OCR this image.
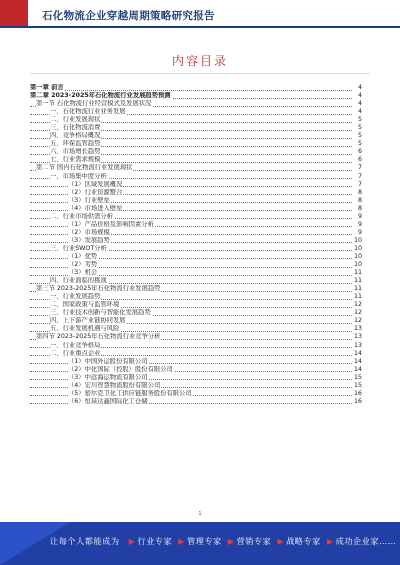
石化物流企业穿越周期策略研究报告
内容目录
第一章 前言	4
第二章 2023-2025年石化物流行业发展趋势预测	4
第一节 石化物流行业经营模式及发展状况	4
一、石化物流行业业务发展	4
二、行业发展现状	5
三、石化物流消费	5
四、竞争格局概况	5
五、环保监管趋势	5
六、市场增长趋势	6
七、行业需求规模	6
第二节 国内石化物流行业发展现状	7
一、市场集中度分析	7
（1）区域发展概况	7
（2）行业资源整合	8
（3）行业壁垒	8
（4）市场进入壁垒	8
二、行业市场供需分析	9
（1）产品价格及影响因素分析	9
（2）市场规模	9
（3）发展趋势	10
三、行业SWOT分析	10
（1）优势	10
（2）劣势	10
（3）机会	11
四、行业面临的挑战	11
第三节 2023-2025年石化物流行业发展趋势	11
一、行业发展趋势	11
二、国家政策与监管环境	12
三、行业技术创新与智能化发展趋势	12
四、上下游产业链协同发展	12
五、行业发展机遇与风险	13
第四节 2023-2025年石化物流行业竞争分析	13
一、行业竞争格局	13
二、行业重点企业	14
（1）中国外运股份有限公司	14
（2）中化国际（控股）股份有限公司	14
（3）中远海运物流有限公司	15
（4）宏川智慧物流股份有限公司	15
（5）密尔克卫化工供应链服务股份有限公司	16
（6）恒基达鑫国际化工仓储	16
1
让每个人都能成为 ▶ 行业专家 ▶ 管理专家 ▶ 营销专家 ▶ 战略专家 ▶ 成功企业家……
